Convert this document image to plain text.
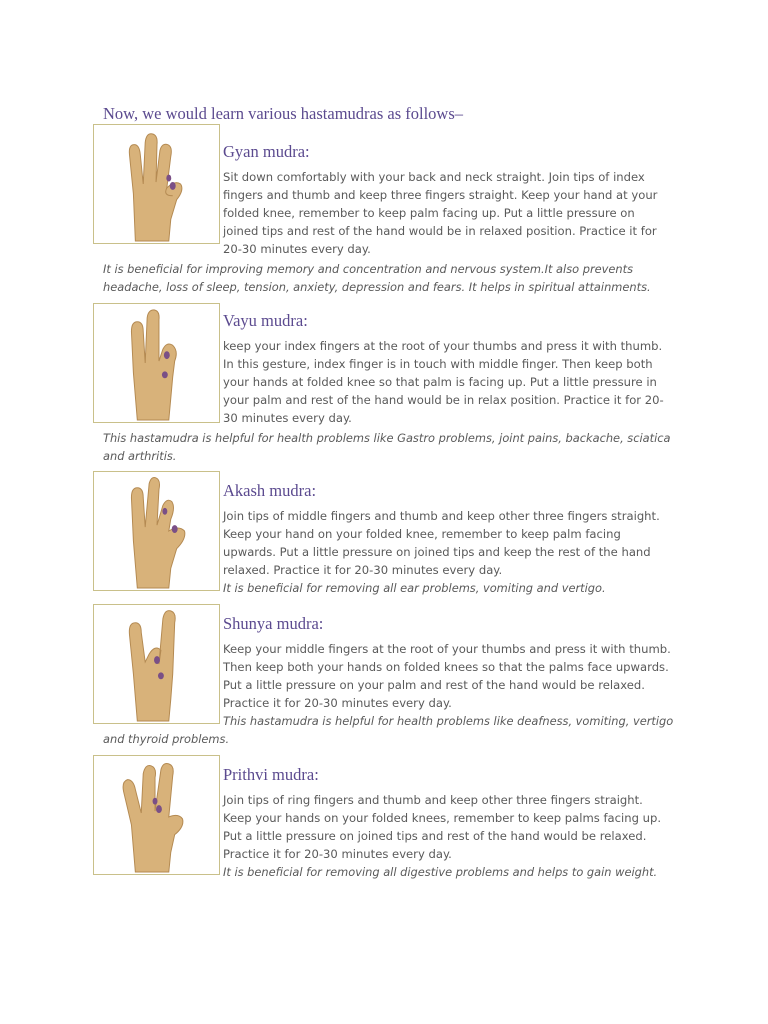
Now, we would learn various hastamudras as follows–
Gyan mudra:
Sit down comfortably with your back and neck straight. Join tips of index fingers and thumb and keep three fingers straight. Keep your hand at your folded knee, remember to keep palm facing up. Put a little pressure on joined tips and rest of the hand would be in relaxed position. Practice it for 20-30 minutes every day.
It is beneficial for improving memory and concentration and nervous system.It also prevents headache, loss of sleep, tension, anxiety, depression and fears. It helps in spiritual attainments.
Vayu mudra:
keep your index fingers at the root of your thumbs and press it with thumb. In this gesture, index finger is in touch with middle finger. Then keep both your hands at folded knee so that palm is facing up. Put a little pressure in your palm and rest of the hand would be in relax position. Practice it for 20-30 minutes every day.
This hastamudra is helpful for health problems like Gastro problems, joint pains, backache, sciatica and arthritis.
Akash mudra:
Join tips of middle fingers and thumb and keep other three fingers straight. Keep your hand on your folded knee, remember to keep palm facing upwards. Put a little pressure on joined tips and keep the rest of the hand relaxed. Practice it for 20-30 minutes every day.
It is beneficial for removing all ear problems, vomiting and vertigo.
Shunya mudra:
Keep your middle fingers at the root of your thumbs and press it with thumb. Then keep both your hands on folded knees so that the palms face upwards. Put a little pressure on your palm and rest of the hand would be relaxed. Practice it for 20-30 minutes every day.
This hastamudra is helpful for health problems like deafness, vomiting, vertigo and thyroid problems.
Prithvi mudra:
Join tips of ring fingers and thumb and keep other three fingers straight. Keep your hands on your folded knees, remember to keep palms facing up. Put a little pressure on joined tips and rest of the hand would be relaxed. Practice it for 20-30 minutes every day.
It is beneficial for removing all digestive problems and helps to gain weight.
